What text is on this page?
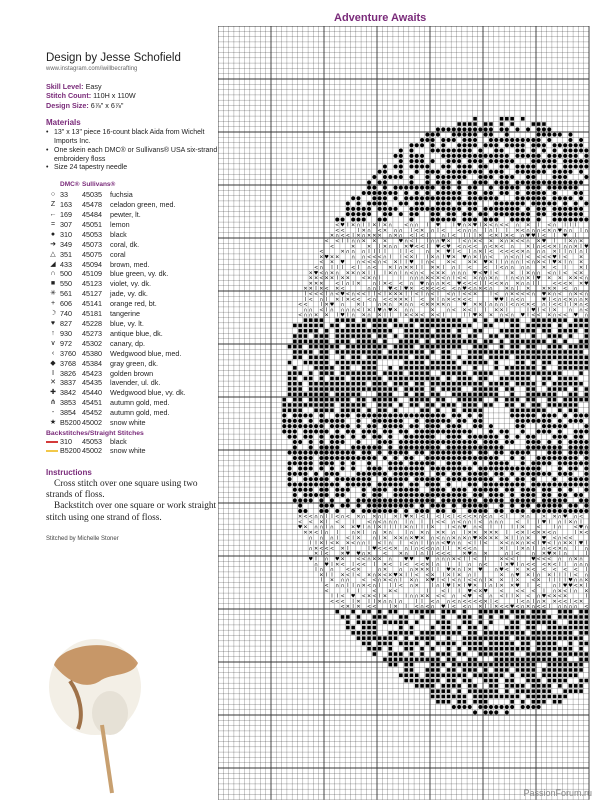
Adventure Awaits

Design by Jesse Schofield

www.instagram.com/iwillbecrafting

Skill Level: Easy

Stitch Count: 110H x 110W

Design Size: 6⅞" x 6⅞"

Materials
• 13" x 13" piece 16-count black Aida from Wichelt Imports Inc.
• One skein each DMC® or Sullivans® USA six-strand embroidery floss
• Size 24 tapestry needle
DMC® Sullivans®
○ 33	45035	fuchsia
Z 163	45478	celadon green, med.
← 169	45484	pewter, lt.
= 307	45051	lemon
● 310	45053	black
➜ 349	45073	coral, dk.
△ 351	45075	coral
◢ 433	45094	brown, med.
∩ 500	45109	blue green, vy. dk.
■ 550	45123	violet, vy. dk.
✳ 561	45127	jade, vy. dk.
+ 606	45141	orange red, bt.
☽ 740	45181	tangerine
♥ 827	45228	blue, vy. lt.
↑ 930	45273	antique blue, dk.
∨ 972	45302	canary, dp.
‹ 3760 45380	Wedgwood blue, med.
◆ 3768 45384	gray green, dk.
Ⅰ 3826 45423	golden brown
✕ 3837 45435	lavender, ul. dk.
✚ 3842 45440	Wedgwood blue, vy. dk.
⋔ 3853 45451	autumn gold, med.
- 3854 45452	autumn gold, med.
★ B5200 45002	snow white
Backstitches/Straight Stitches
310	45053	black
B5200 45002	snow white
Instructions

Cross stitch over one square using two strands of floss.

Backstitch over one square or work straight stitch using one strand of floss.

Stitched by Michelle Stoner
< ♥ I ✕ ∩ I I ✕ I ✕ ∩ < ∩ ∩ I ♥	I ♥ ∩ ✕ ♥ I ✕ < ∩ < < ∩ ✕ I < ∩ I I I
< <	I ✕ ∩ < ✕ ∩ ∩ I < ✕ ∩ I < < ∩ ∩ ∩ I ∩ I I ✕ < ∩ ∩ ∩ < ✕ ∩ ♥ ∩ ∩ I ∩
✕ ∩ < < I ✕ ∩ ✕ ✕ ✕ ∩ ✕ ∩ < I < I	∩ I < I I I ✕ < ✕ I ✕ < ∩ ♥ ♥ I < I ♥ I
< < I I ∩ ∩ ✕ ✕ ✕ ♥ ∩ < I I ∩ ∩ ♥ ✕ I < ∩ ✕ < ✕ ✕ ∩ ✕ < < ∩ ✕ ♥ I I ✕ ∩ ✕
<	✕ ✕ I ✕ ∩ ∩ ✕ ♥ < < I ♥ < ♥ < ∩ < < ∩ < ✕ < ∩ ✕ I ∩ < < ✕ I ∩ ∩ ✕ I ♥
<	✕ ∩ ∩ ∩ I I I I	I I < ∩ ✕ ♥ I < I ∩ ✕ I < < < < < ✕ ∩ ∩ ∩ ✕ I I ∩ I ∩ I
✕ ♥ ✕ ✕ ∩ ∩ < < < ∩ I I < ✕ I I ✕ ∩ I ♥ ✕ ♥ ∩ ✕ I ∩ < ∩ < ∩ I < < < < ♥ I < ✕
< ✕ ♥ ∩ < < < ∩ < ✕ I I ♥ I ∩ < ✕ < ✕ ✕ ♥ ✕ I I ∩ ∩ ∩ I < ∩ ✕ < I ♥ ✕ I ∩ ✕
< ∩ I I I < I ∩ < ✕ I ∩ ✕ ✕ I I ✕ ✕ I ∩ I < < I < ∩ ∩ ∩ ∩ ✕ < I	✕ I
✕ ♥ < ∩ ✕ ∩ ✕ ✕ ∩ ✕ I I I ✕ ∩ I ∩ < ∩ < < ✕ ✕ ∩ ∩ ∩ ♥ < ♥ I < ✕ I ✕ ∩ ∩ < ∩ I < < ✕
✕ ✕ < ✕ ✕ I ✕ ✕ < ✕ ∩ I	I ∩ ∩ ∩ ✕ < ✕ < ∩ I < < ✕ ∩ ∩ ✕ ∩ I ∩ < ∩ ✕ I ♥ ✕ ✕ ✕ ✕ < ∩
✕ ✕ ✕ < I ∩ I ✕ ∩ I ✕ < < ∩ ♥ ∩ ∩ ∩ ✕ < ♥ < < < I I < < ✕ ∩ ✕ ∩ ∩ I I	< < < ✕ ✕ ♥
✕ ✕ I ✕ < ✕ <	∩ ∩ I ♥ < I ♥ ✕ < ✕ < < < < ∩ ♥ < ∩ ✕ < ∩ ✕ ∩ I ✕ ✕ ✕ ✕ < ∩
I < < < I ∩ < ♥ < ∩ < < I I < I ✕ ✕ ✕ I I < I ∩ < I < ∩ I < < ✕	I < ∩ ✕ < < < ∩ ♥ ✕ ∩ < ∩ ✕ < ∩
I < ∩ I ✕ I ✕ < < < ∩ < < ✕ ✕ ✕ I < ✕ I ∩ ✕ < ✕ < <	♥ ♥ I ∩ < ∩	♥ I < ∩ < ✕ ∩ ∩ ✕
< <	I ✕ ♥ ∩ ✕ I	∩ ✕ ∩ ✕ ∩ ∩ < ✕ ✕ ✕ ✕ ∩ ♥ ✕ ✕ I ∩ ∩ ∩ I < ∩ < ✕ < ∩ I < < I I ✕ ∩ <
∩ ∩ < I ∩ ∩ ∩ ∩ < I ✕ I ♥ ∩ ♥ ✕ ∩ ∩	✕ ∩ < ✕ < I I ✕ ✕ I	I ♥ I < I ✕ ∩ ∩ <
< ∩ ∩ ✕ ✕ I ♥ I ∩ ✕ ∩ ✕ I I I ✕ < ✕ < ✕ < I	I I ♥ ✕ ✕ ∩ < ∩ ♥ I < < ✕ ∩ < < ♥ ∩
✕ < < ∩ ∩ I I < ∩ < ✕ ∩ ✕ ∩ I ✕ I ♥ ✕ I < I < I < I < < < ✕ ∩ < ∩ < I	✕ ∩ ✕ ✕ ∩ ♥ ∩ <
< < ✕ I <	I	< ∩ < ∩ ∩ ∩ I ∩ I I < < ∩ < ∩ ∩ I < ∩ ∩ ∩ < I I ♥ I ∩ I ✕ ∩ I
♥ ✕ ∩ ∩ I ∩ ✕ ✕ ♥ I ∩ I ✕ I I I I ✕ ∩ I I I ✕	I < ∩ ♥ ∩ < I I I I ✕ <	I ∩ < ♥ ∩
✕ ✕ < I ∩ I	∩ ✕ I ∩ ✕ ∩	I ∩ ✕ ∩ ✕ ✕ ∩ I ✕ ✕ ✕ ✕ ✕ I < ✕ I < ✕ ✕ < ∩	I ✕ <
∩ ∩ ∩ I < I ✕ ∩ I ✕ ✕ ✕ ∩ ✕ ♥ ✕ ∩ < ∩ ∩ ✕ ∩ ✕ ∩ ♥ ✕ ✕ ✕ ✕ ✕ I I ∩ ✕ ♥ < ∩ < <
I I ✕ I < ✕ ✕ < ∩ ∩ I < I ∩ I < ∩ I I ∩ ∩ < ♥ ∩ ∩ < I I < ✕ < ∩ ✕ ∩ ✕ < I ♥ < I ∩ ✕ ✕ I ♥ I
∩ ✕ < < < ✕ I	I ♥ < < < ✕ ∩ I ∩ < < ∩ ∩ I I ✕ < < ∩	✕ I I ✕ ∩ I ∩ < < ✕ ∩ I ∩
✕ I < ✕ ♥ ♥ ∩ ✕ < ✕ ∩ I ∩ I I < < < ✕ ♥ ∩ ✕	∩ I < ∩ ✕ ♥ ✕ I ∩	I
♥ I ∩ ♥ ✕ < < ∩ ✕ ✕ ∩ ♥ ♥ ♥ ∩ ∩ ∩ ✕ < I I < I	✕ < < I	♥ < < < ∩ ∩ ✕ ∩
∩ ♥ I ✕ < I < < I ✕ < I < < < ✕ I ∩ I I ∩ ∩ <	I ✕ ♥ I ∩ < < < ✕ < I I ∩ ∩ ∩
I ∩ ∩ < < ✕	∩ ✕ ∩ ∩ ✕ ✕ ✕ I I ♥ ✕ ∩ I ✕ ♥ ∩ ♥ < ✕ ✕ < < < < < I
✕ I I ✕ < I < ✕ ∩ ✕ < ✕ ♥ ✕ I I < < ✕ I ✕ I ✕ ∩ I	✕ ∩ ♥ ✕ I ∩ ✕ I I I I < ∩
I ✕ ∩ ∩ < < ∩ ✕ < ∩ I ✕ ∩ ✕ ♥ I < I < ∩ I < < ∩ I ✕ ✕ I ✕ < ✕ I I I I ♥ ∩ ∩ ✕
< ∩ ∩ I I ∩ ✕ < ∩ I I I < ∩ ✕	I ∩ I ♥ I ✕ I ♥ ✕ I ∩ I ✕ ✕ ♥ I < ∩ I ♥ ♥ < ✕ I
<	I I	< ✕ <	I	< I I ♥ < ✕ ♥ < < < < I ∩ ✕ < I ∩ ✕
I I < ♥ < ✕ < I ✕	I ∩ ∩ ✕ ✕ < < ∩ < ♥ < ∩ < I I ✕ < ∩ ♥ < ✕ < ✕	I
< < < I ✕ I I ✕ ∩ ∩ I ∩	I I < ∩ ∩ < ∩ < < < < ✕ I <	I < ∩ I ∩ ✕ ✕ < < I < ✕
< ✕ I ✕ < <	I ✕ I < ∩ < ∩ ♥ I < < ∩ ✕ I I ✕ < < ♥ < ∩ ✕ ∩ < < I ∩ ∩ ∩ ∩ <
PassionForum.ru
